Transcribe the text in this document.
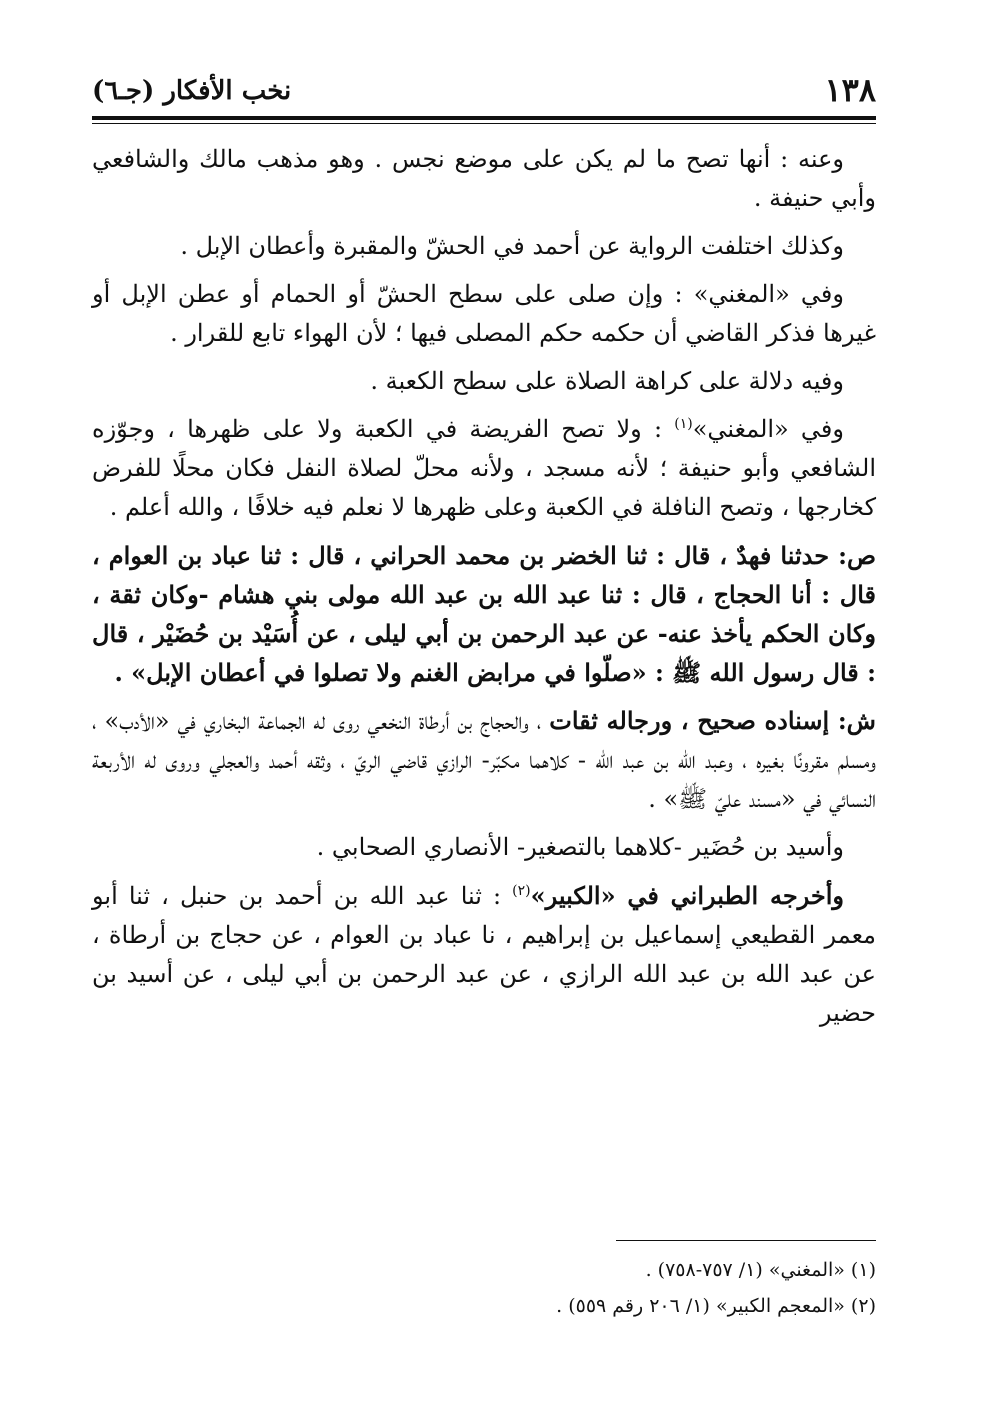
١٣٨
نخب الأفكار (جـ٦)

وعنه : أنها تصح ما لم يكن على موضع نجس . وهو مذهب مالك والشافعي وأبي حنيفة .

وكذلك اختلفت الرواية عن أحمد في الحشّ والمقبرة وأعطان الإبل .

وفي «المغني» : وإن صلى على سطح الحشّ أو الحمام أو عطن الإبل أو غيرها فذكر القاضي أن حكمه حكم المصلى فيها ؛ لأن الهواء تابع للقرار .

وفيه دلالة على كراهة الصلاة على سطح الكعبة .

وفي «المغني»$^{(١)}$ : ولا تصح الفريضة في الكعبة ولا على ظهرها ، وجوّزه الشافعي وأبو حنيفة ؛ لأنه مسجد ، ولأنه محلّ لصلاة النفل فكان محلًا للفرض كخارجها ، وتصح النافلة في الكعبة وعلى ظهرها لا نعلم فيه خلافًا ، والله أعلم .

ص: حدثنا فهدٌ ، قال : ثنا الخضر بن محمد الحراني ، قال : ثنا عباد بن العوام ، قال : أنا الحجاج ، قال : ثنا عبد الله بن عبد الله مولى بني هشام -وكان ثقة ، وكان الحكم يأخذ عنه- عن عبد الرحمن بن أبي ليلى ، عن أُسَيْد بن حُضَيْر ، قال : قال رسول الله ﷺ : «صلّوا في مرابض الغنم ولا تصلوا في أعطان الإبل» .

ش: إسناده صحيح ، ورجاله ثقات ، والحجاج بن أرطاة النخعي روى له الجماعة البخاري في «الأدب» ، ومسلم مقرونًا بغيره ، وعبد الله بن عبد الله - كلاهما مكبّر- الرازي قاضي الريّ ، وثقه أحمد والعجلي وروى له الأربعة النسائي في «مسند عليّ ﷺ» .

وأسيد بن حُضَير -كلاهما بالتصغير- الأنصاري الصحابي .

وأخرجه الطبراني في «الكبير»$^{(٢)}$ : ثنا عبد الله بن أحمد بن حنبل ، ثنا أبو معمر القطيعي إسماعيل بن إبراهيم ، نا عباد بن العوام ، عن حجاج بن أرطاة ، عن عبد الله بن عبد الله الرازي ، عن عبد الرحمن بن أبي ليلى ، عن أسيد بن حضير

(١) «المغني» (١/ ٧٥٧-٧٥٨) .
(٢) «المعجم الكبير» (١/ ٢٠٦ رقم ٥٥٩) .
